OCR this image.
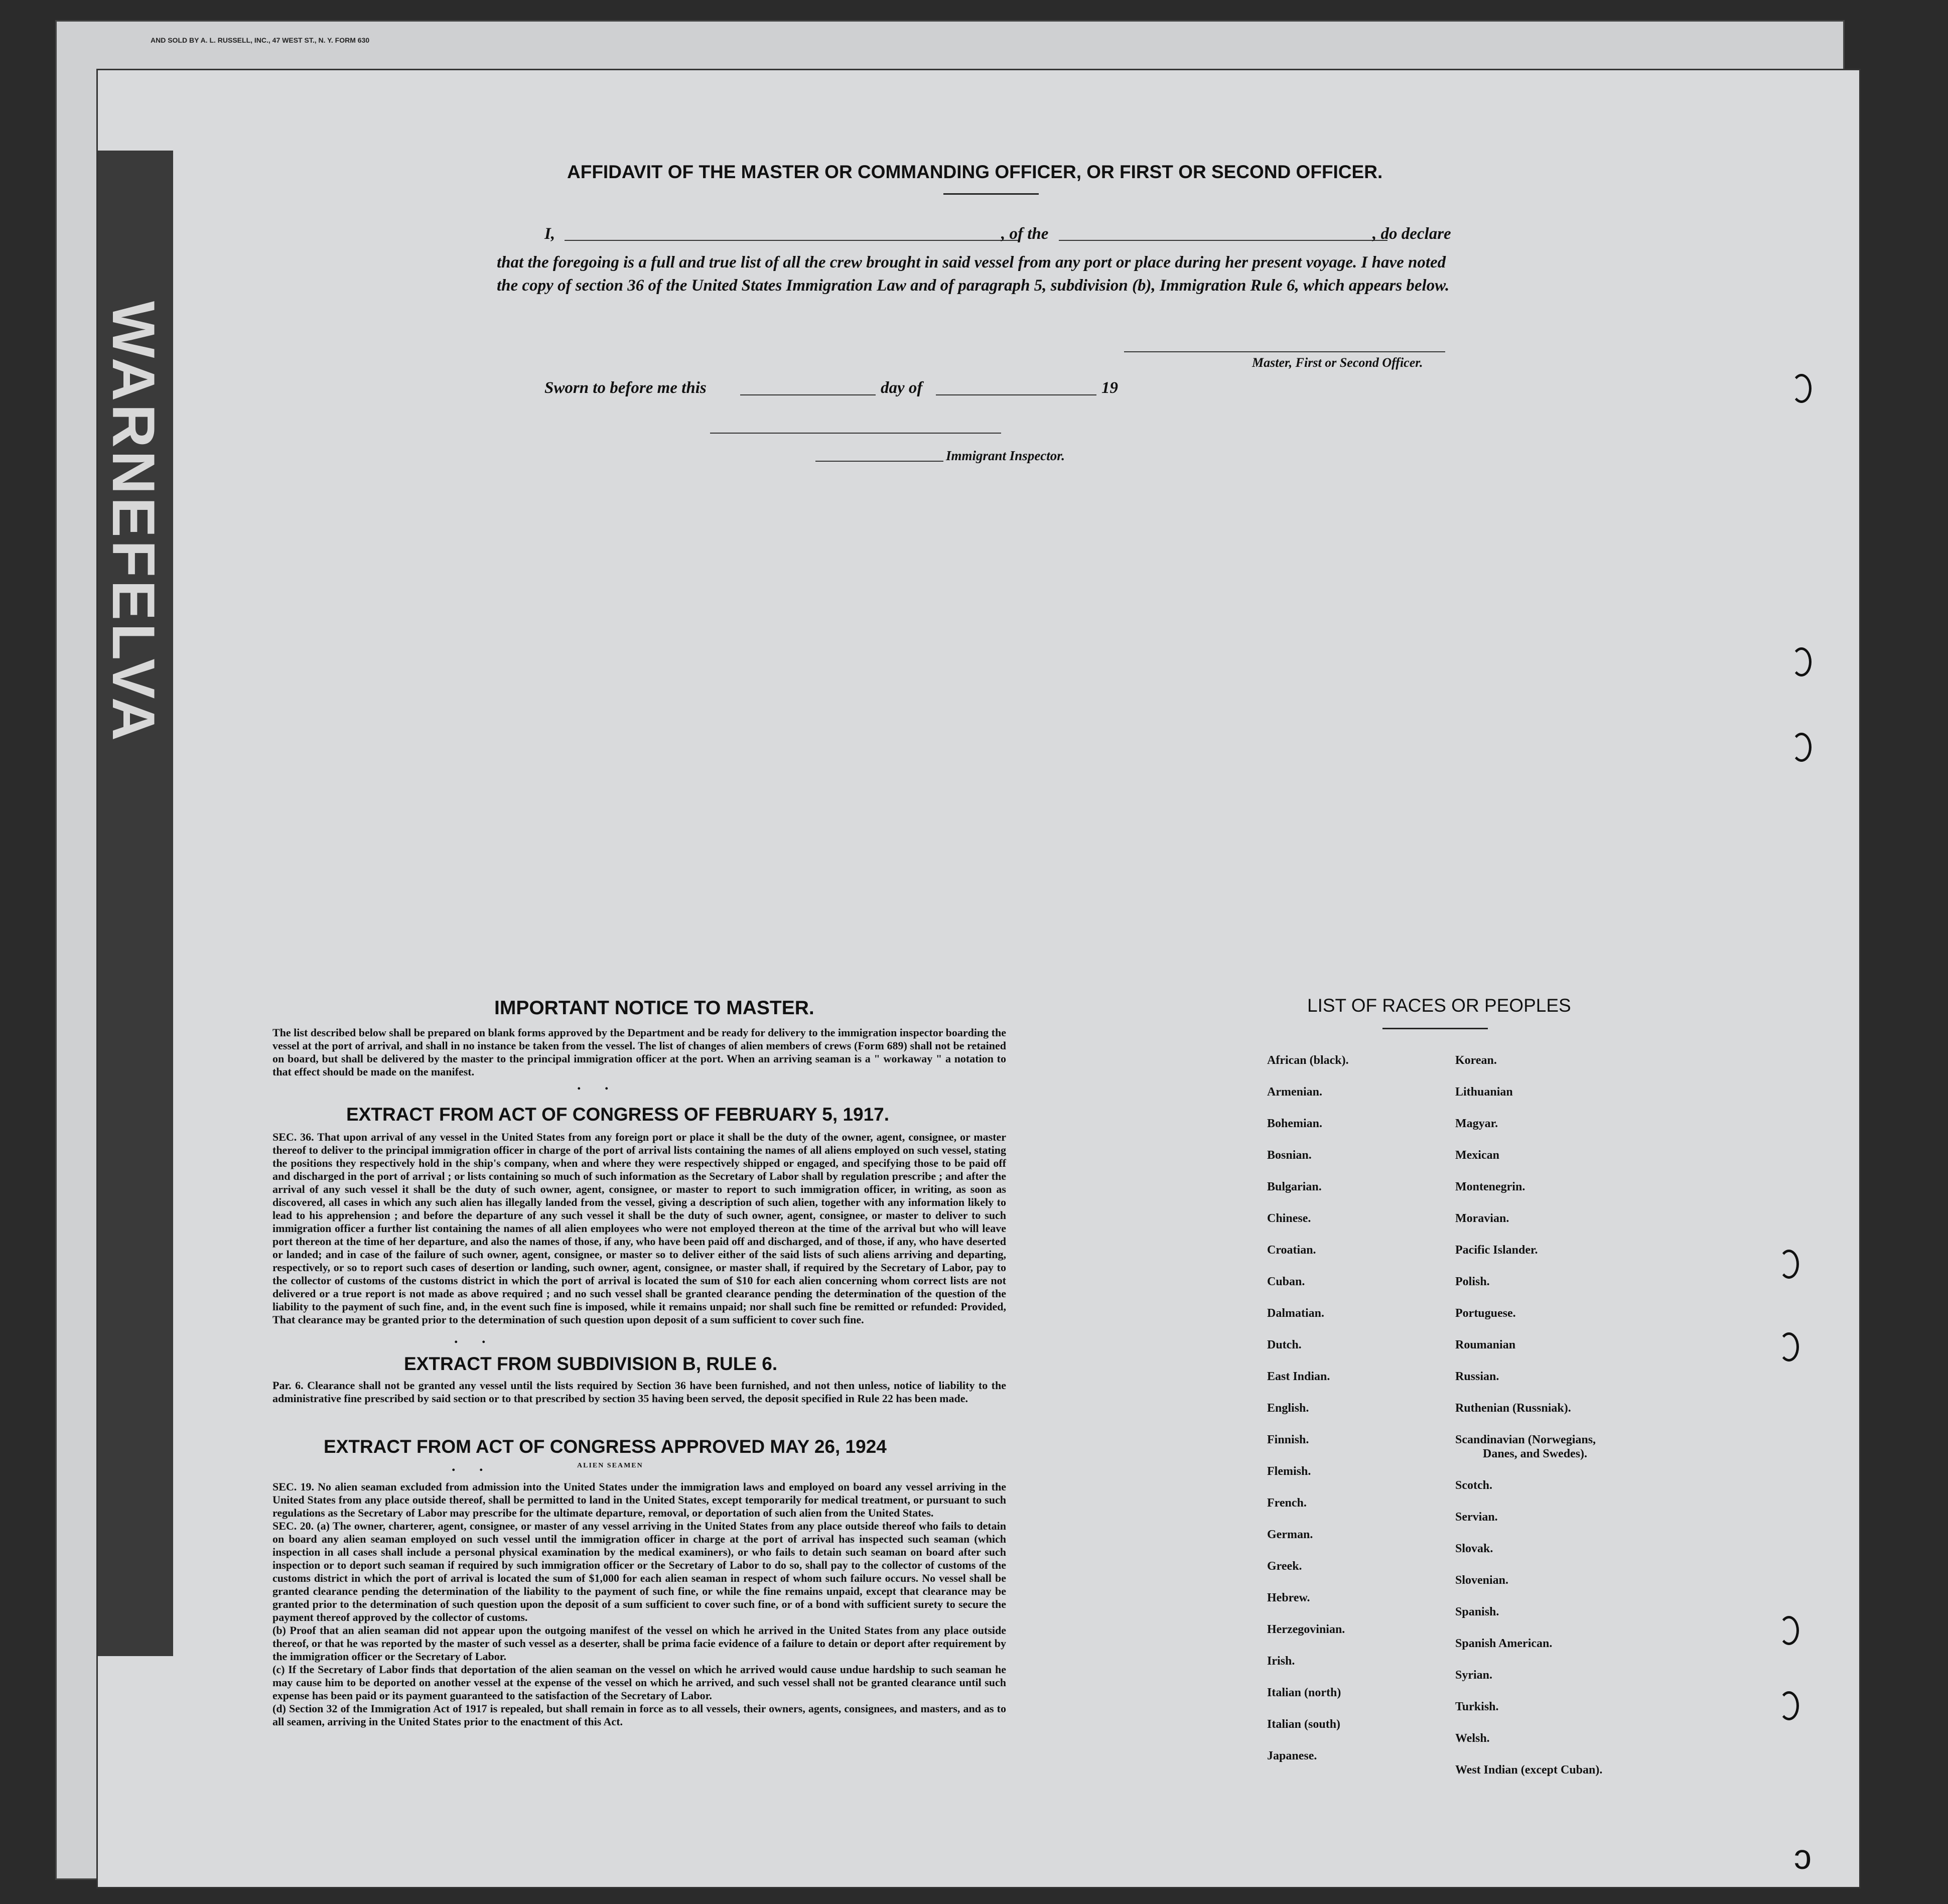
AND SOLD BY A. L. RUSSELL, INC., 47 WEST ST., N. Y. FORM 630
WARNEFELVA
AFFIDAVIT OF THE MASTER OR COMMANDING OFFICER, OR FIRST OR SECOND OFFICER.
I,	, of the	, do declare
that the foregoing is a full and true list of all the crew brought in said vessel from any port or place during her present voyage. I have noted the copy of section 36 of the United States Immigration Law and of paragraph 5, subdivision (b), Immigration Rule 6, which appears below.
Master, First or Second Officer.
Sworn to before me this	day of	19
Immigrant Inspector.
IMPORTANT NOTICE TO MASTER.
The list described below shall be prepared on blank forms approved by the Department and be ready for delivery to the immigration inspector boarding the vessel at the port of arrival, and shall in no instance be taken from the vessel. The list of changes of alien members of crews (Form 689) shall not be retained on board, but shall be delivered by the master to the principal immigration officer at the port. When an arriving seaman is a " workaway " a notation to that effect should be made on the manifest.
. .
EXTRACT FROM ACT OF CONGRESS OF FEBRUARY 5, 1917.
SEC. 36. That upon arrival of any vessel in the United States from any foreign port or place it shall be the duty of the owner, agent, consignee, or master thereof to deliver to the principal immigration officer in charge of the port of arrival lists containing the names of all aliens employed on such vessel, stating the positions they respectively hold in the ship's company, when and where they were respectively shipped or engaged, and specifying those to be paid off and discharged in the port of arrival ; or lists containing so much of such information as the Secretary of Labor shall by regulation prescribe ; and after the arrival of any such vessel it shall be the duty of such owner, agent, consignee, or master to report to such immigration officer, in writing, as soon as discovered, all cases in which any such alien has illegally landed from the vessel, giving a description of such alien, together with any information likely to lead to his apprehension ; and before the departure of any such vessel it shall be the duty of such owner, agent, consignee, or master to deliver to such immigration officer a further list containing the names of all alien employees who were not employed thereon at the time of the arrival but who will leave port thereon at the time of her departure, and also the names of those, if any, who have been paid off and discharged, and of those, if any, who have deserted or landed; and in case of the failure of such owner, agent, consignee, or master so to deliver either of the said lists of such aliens arriving and departing, respectively, or so to report such cases of desertion or landing, such owner, agent, consignee, or master shall, if required by the Secretary of Labor, pay to the collector of customs of the customs district in which the port of arrival is located the sum of $10 for each alien concerning whom correct lists are not delivered or a true report is not made as above required ; and no such vessel shall be granted clearance pending the determination of the question of the liability to the payment of such fine, and, in the event such fine is imposed, while it remains unpaid; nor shall such fine be remitted or refunded: Provided, That clearance may be granted prior to the determination of such question upon deposit of a sum sufficient to cover such fine.
. .
EXTRACT FROM SUBDIVISION B, RULE 6.
Par. 6. Clearance shall not be granted any vessel until the lists required by Section 36 have been furnished, and not then unless, notice of liability to the administrative fine prescribed by said section or to that prescribed by section 35 having been served, the deposit specified in Rule 22 has been made.
EXTRACT FROM ACT OF CONGRESS APPROVED MAY 26, 1924
ALIEN SEAMEN
. .
SEC. 19. No alien seaman excluded from admission into the United States under the immigration laws and employed on board any vessel arriving in the United States from any place outside thereof, shall be permitted to land in the United States, except temporarily for medical treatment, or pursuant to such regulations as the Secretary of Labor may prescribe for the ultimate departure, removal, or deportation of such alien from the United States.
SEC. 20. (a) The owner, charterer, agent, consignee, or master of any vessel arriving in the United States from any place outside thereof who fails to detain on board any alien seaman employed on such vessel until the immigration officer in charge at the port of arrival has inspected such seaman (which inspection in all cases shall include a personal physical examination by the medical examiners), or who fails to detain such seaman on board after such inspection or to deport such seaman if required by such immigration officer or the Secretary of Labor to do so, shall pay to the collector of customs of the customs district in which the port of arrival is located the sum of $1,000 for each alien seaman in respect of whom such failure occurs. No vessel shall be granted clearance pending the determination of the liability to the payment of such fine, or while the fine remains unpaid, except that clearance may be granted prior to the determination of such question upon the deposit of a sum sufficient to cover such fine, or of a bond with sufficient surety to secure the payment thereof approved by the collector of customs.
(b) Proof that an alien seaman did not appear upon the outgoing manifest of the vessel on which he arrived in the United States from any place outside thereof, or that he was reported by the master of such vessel as a deserter, shall be prima facie evidence of a failure to detain or deport after requirement by the immigration officer or the Secretary of Labor.
(c) If the Secretary of Labor finds that deportation of the alien seaman on the vessel on which he arrived would cause undue hardship to such seaman he may cause him to be deported on another vessel at the expense of the vessel on which he arrived, and such vessel shall not be granted clearance until such expense has been paid or its payment guaranteed to the satisfaction of the Secretary of Labor.
(d) Section 32 of the Immigration Act of 1917 is repealed, but shall remain in force as to all vessels, their owners, agents, consignees, and masters, and as to all seamen, arriving in the United States prior to the enactment of this Act.
LIST OF RACES OR PEOPLES
African (black).
Armenian.
Bohemian.
Bosnian.
Bulgarian.
Chinese.
Croatian.
Cuban.
Dalmatian.
Dutch.
East Indian.
English.
Finnish.
Flemish.
French.
German.
Greek.
Hebrew.
Herzegovinian.
Irish.
Italian (north)
Italian (south)
Japanese.
Korean.
Lithuanian
Magyar.
Mexican
Montenegrin.
Moravian.
Pacific Islander.
Polish.
Portuguese.
Roumanian
Russian.
Ruthenian (Russniak).
Scandinavian (Norwegians,
Danes, and Swedes).
Scotch.
Servian.
Slovak.
Slovenian.
Spanish.
Spanish American.
Syrian.
Turkish.
Welsh.
West Indian (except Cuban).
ↄ
